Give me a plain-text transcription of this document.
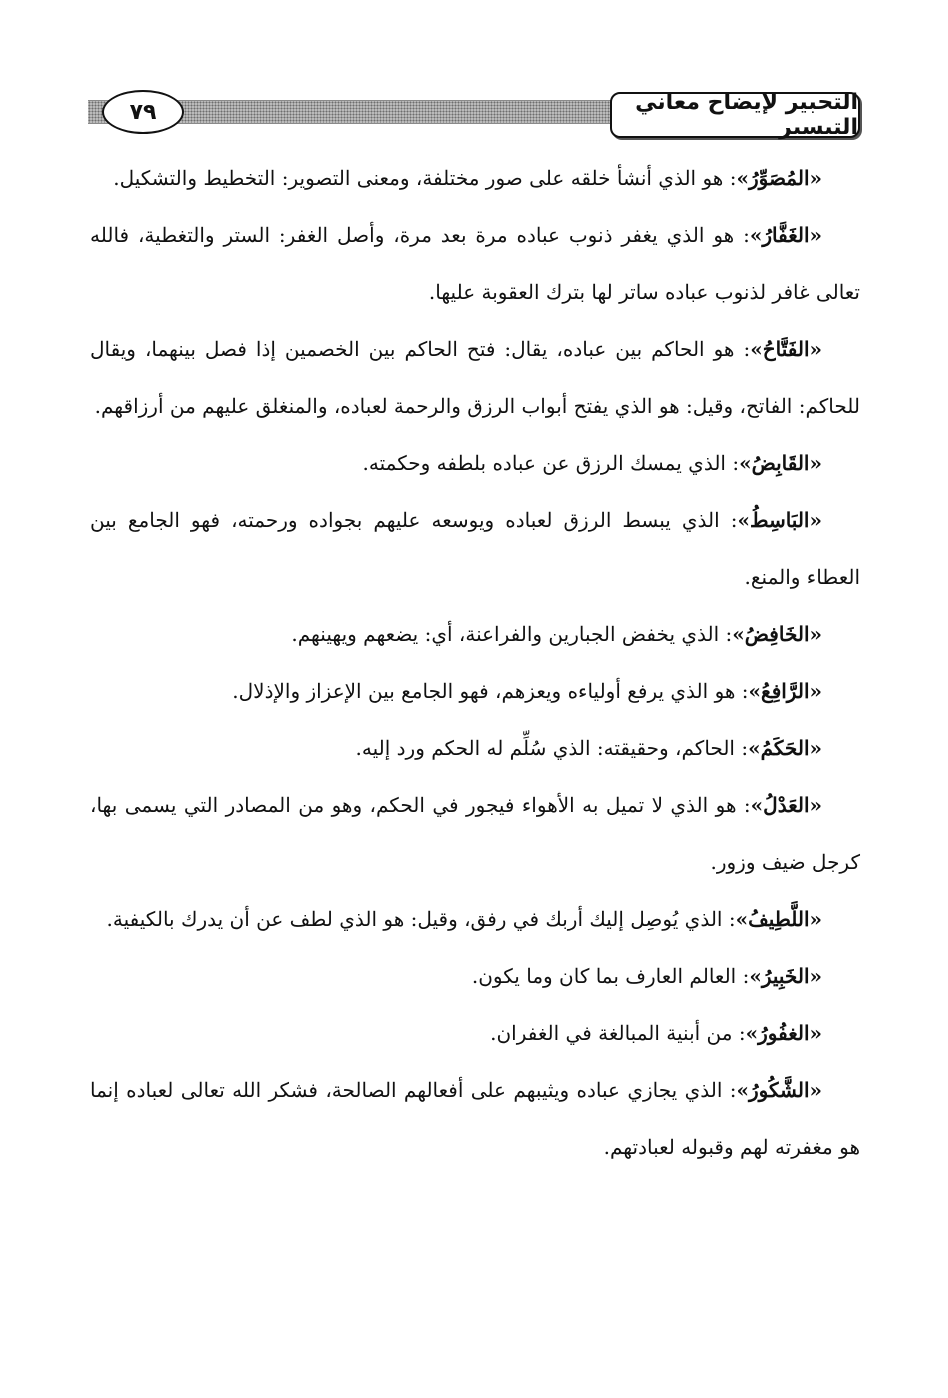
التحبير لإيضاح معاني التيسير
٧٩

«المُصَوِّرُ»: هو الذي أنشأ خلقه على صور مختلفة، ومعنى التصوير: التخطيط والتشكيل.

«الغَفَّارُ»: هو الذي يغفر ذنوب عباده مرة بعد مرة، وأصل الغفر: الستر والتغطية، فالله تعالى غافر لذنوب عباده ساتر لها بترك العقوبة عليها.

«الفَتَّاحُ»: هو الحاكم بين عباده، يقال: فتح الحاكم بين الخصمين إذا فصل بينهما، ويقال للحاكم: الفاتح، وقيل: هو الذي يفتح أبواب الرزق والرحمة لعباده، والمنغلق عليهم من أرزاقهم.

«القَابِضُ»: الذي يمسك الرزق عن عباده بلطفه وحكمته.

«البَاسِطُ»: الذي يبسط الرزق لعباده ويوسعه عليهم بجواده ورحمته، فهو الجامع بين العطاء والمنع.

«الخَافِضُ»: الذي يخفض الجبارين والفراعنة، أي: يضعهم ويهينهم.

«الرَّافِعُ»: هو الذي يرفع أولياءه ويعزهم، فهو الجامع بين الإعزاز والإذلال.

«الحَكَمُ»: الحاكم، وحقيقته: الذي سُلِّم له الحكم ورد إليه.

«العَدْلُ»: هو الذي لا تميل به الأهواء فيجور في الحكم، وهو من المصادر التي يسمى بها، كرجل ضيف وزور.

«اللَّطِيفُ»: الذي يُوصِل إليك أربك في رفق، وقيل: هو الذي لطف عن أن يدرك بالكيفية.

«الخَبِيرُ»: العالم العارف بما كان وما يكون.

«الغفُورُ»: من أبنية المبالغة في الغفران.

«الشَّكُورُ»: الذي يجازي عباده ويثيبهم على أفعالهم الصالحة، فشكر الله تعالى لعباده إنما هو مغفرته لهم وقبوله لعبادتهم.
